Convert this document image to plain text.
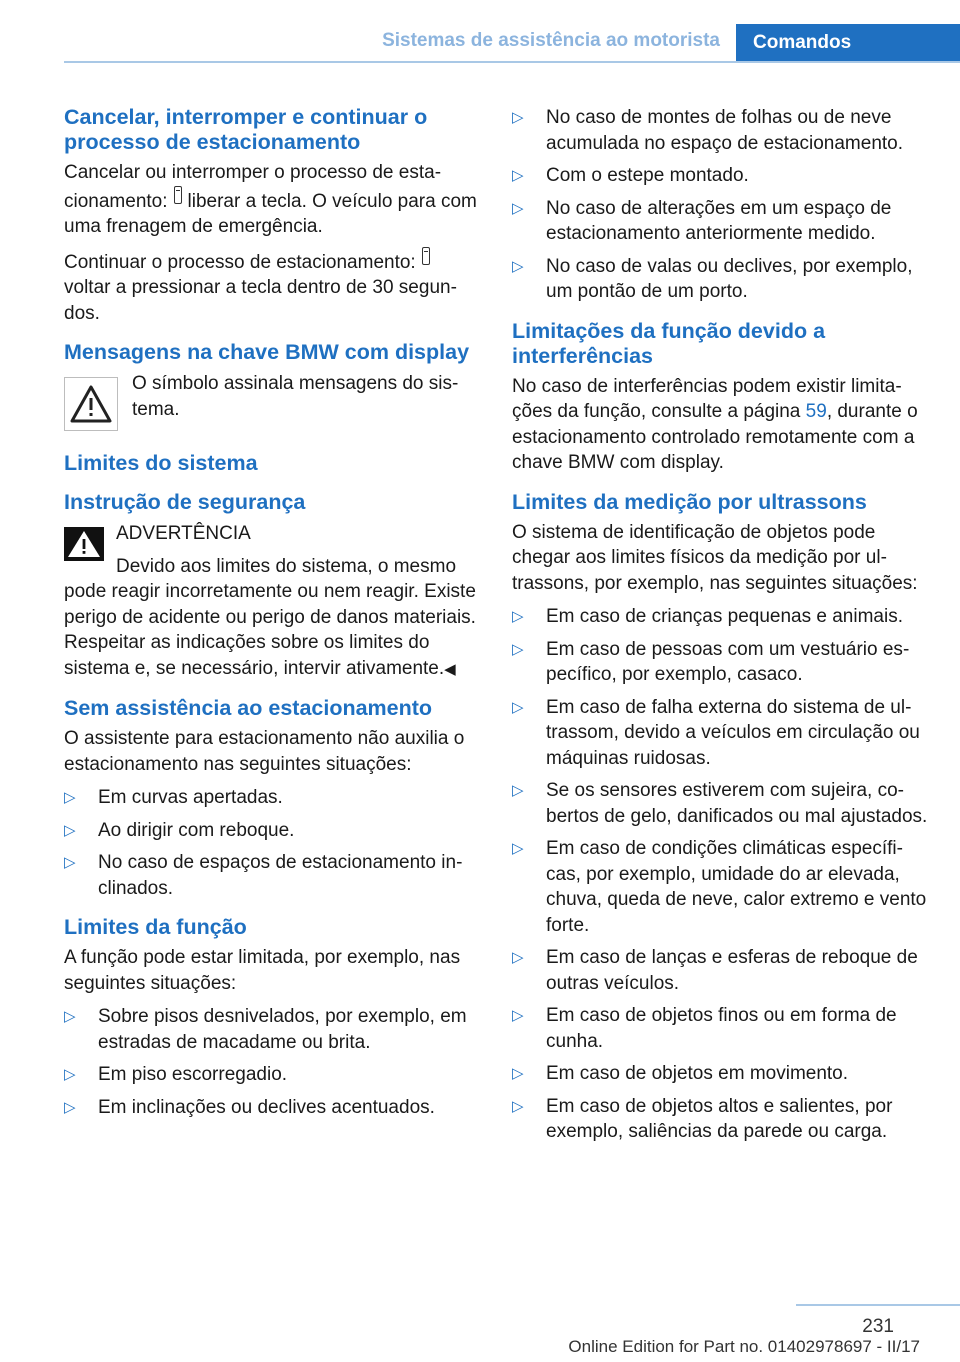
Sistemas de assistência ao motorista	Comandos
Cancelar, interromper e continuar o processo de estacionamento

Cancelar ou interromper o processo de estacionamento: liberar a tecla. O veículo para com uma frenagem de emergência.

Continuar o processo de estacionamento:voltar a pressionar a tecla dentro de 30 segundos.

Mensagens na chave BMW com display
O símbolo assinala mensagens do sistema.
Limites do sistema
Instrução de segurança
ADVERTÊNCIA
Devido aos limites do sistema, o mesmo pode reagir incorretamente ou nem reagir. Existe perigo de acidente ou perigo de danos materiais. Respeitar as indicações sobre os limites do sistema e, se necessário, intervir ativamente.◀
Sem assistência ao estacionamento

O assistente para estacionamento não auxilia o estacionamento nas seguintes situações:

▷ Em curvas apertadas.
▷ Ao dirigir com reboque.
▷ No caso de espaços de estacionamento inclinados.
Limites da função

A função pode estar limitada, por exemplo, nas seguintes situações:

▷ Sobre pisos desnivelados, por exemplo, em estradas de macadame ou brita.
▷ Em piso escorregadio.
▷ Em inclinações ou declives acentuados.
▷ No caso de montes de folhas ou de neve acumulada no espaço de estacionamento.
▷ Com o estepe montado.
▷ No caso de alterações em um espaço de estacionamento anteriormente medido.
▷ No caso de valas ou declives, por exemplo, um pontão de um porto.
Limitações da função devido a interferências

No caso de interferências podem existir limitações da função, consulte a página 59, durante o estacionamento controlado remotamente com a chave BMW com display.

Limites da medição por ultrassons

O sistema de identificação de objetos pode chegar aos limites físicos da medição por ultrassons, por exemplo, nas seguintes situações:

▷ Em caso de crianças pequenas e animais.
▷ Em caso de pessoas com um vestuário específico, por exemplo, casaco.
▷ Em caso de falha externa do sistema de ultrassom, devido a veículos em circulação ou máquinas ruidosas.
▷ Se os sensores estiverem com sujeira, cobertos de gelo, danificados ou mal ajustados.
▷ Em caso de condições climáticas específicas, por exemplo, umidade do ar elevada, chuva, queda de neve, calor extremo e vento forte.
▷ Em caso de lanças e esferas de reboque de outras veículos.
▷ Em caso de objetos finos ou em forma de cunha.
▷ Em caso de objetos em movimento.
▷ Em caso de objetos altos e salientes, por exemplo, saliências da parede ou carga.
231
Online Edition for Part no. 01402978697 - II/17
